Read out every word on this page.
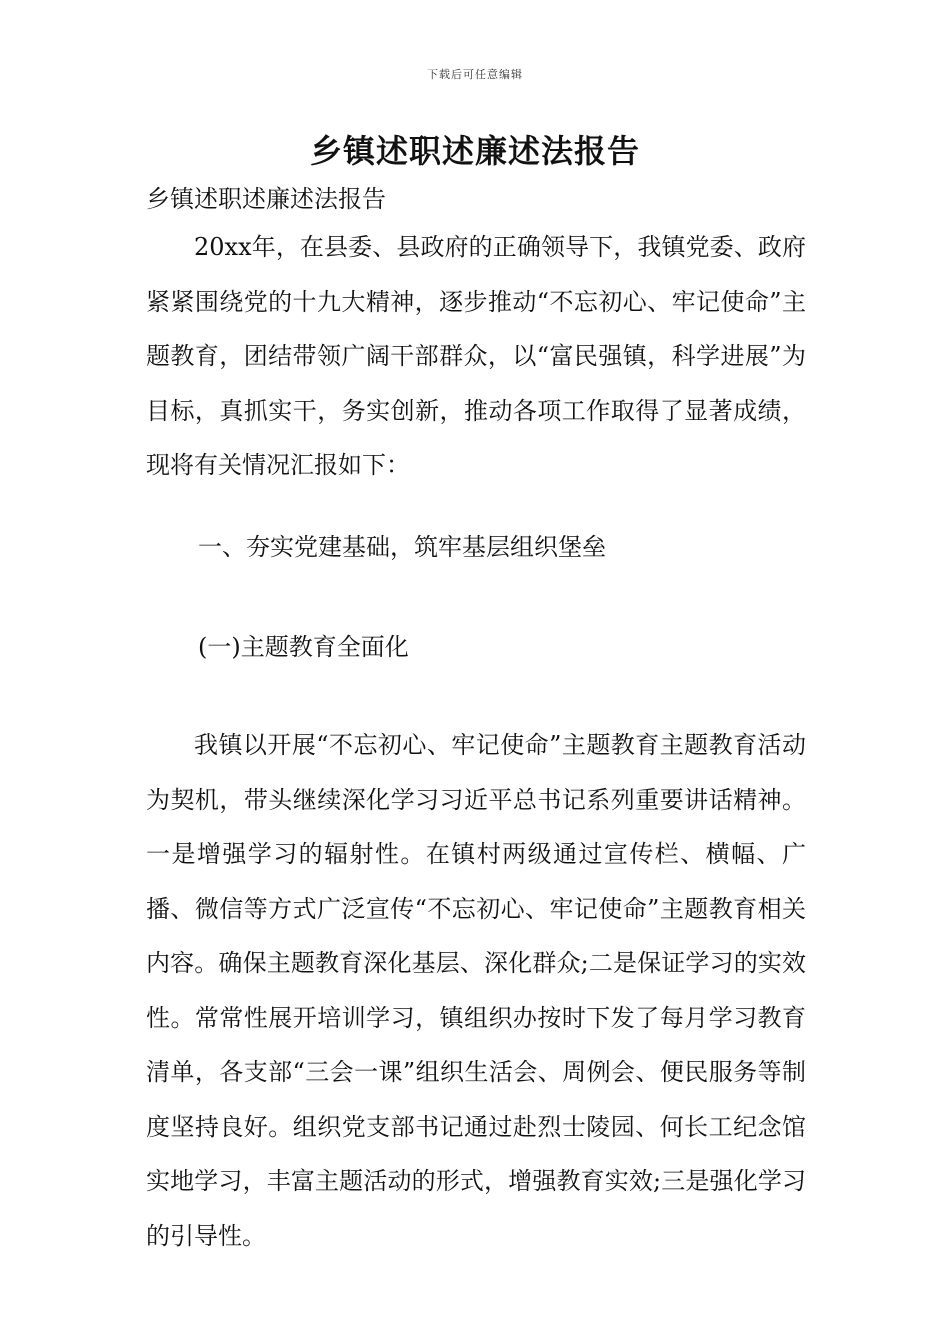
下载后可任意编辑
乡镇述职述廉述法报告
乡镇述职述廉述法报告

20xx年，在县委、县政府的正确领导下，我镇党委、政府紧紧围绕党的十九大精神，逐步推动“不忘初心、牢记使命”主题教育，团结带领广阔干部群众，以“富民强镇，科学进展”为目标，真抓实干，务实创新，推动各项工作取得了显著成绩，现将有关情况汇报如下：

一、夯实党建基础，筑牢基层组织堡垒

(一)主题教育全面化

我镇以开展“不忘初心、牢记使命”主题教育主题教育活动为契机，带头继续深化学习习近平总书记系列重要讲话精神。一是增强学习的辐射性。在镇村两级通过宣传栏、横幅、广播、微信等方式广泛宣传“不忘初心、牢记使命”主题教育相关内容。确保主题教育深化基层、深化群众;二是保证学习的实效性。常常性展开培训学习，镇组织办按时下发了每月学习教育清单，各支部“三会一课”组织生活会、周例会、便民服务等制度坚持良好。组织党支部书记通过赴烈士陵园、何长工纪念馆实地学习，丰富主题活动的形式，增强教育实效;三是强化学习的引导性。
